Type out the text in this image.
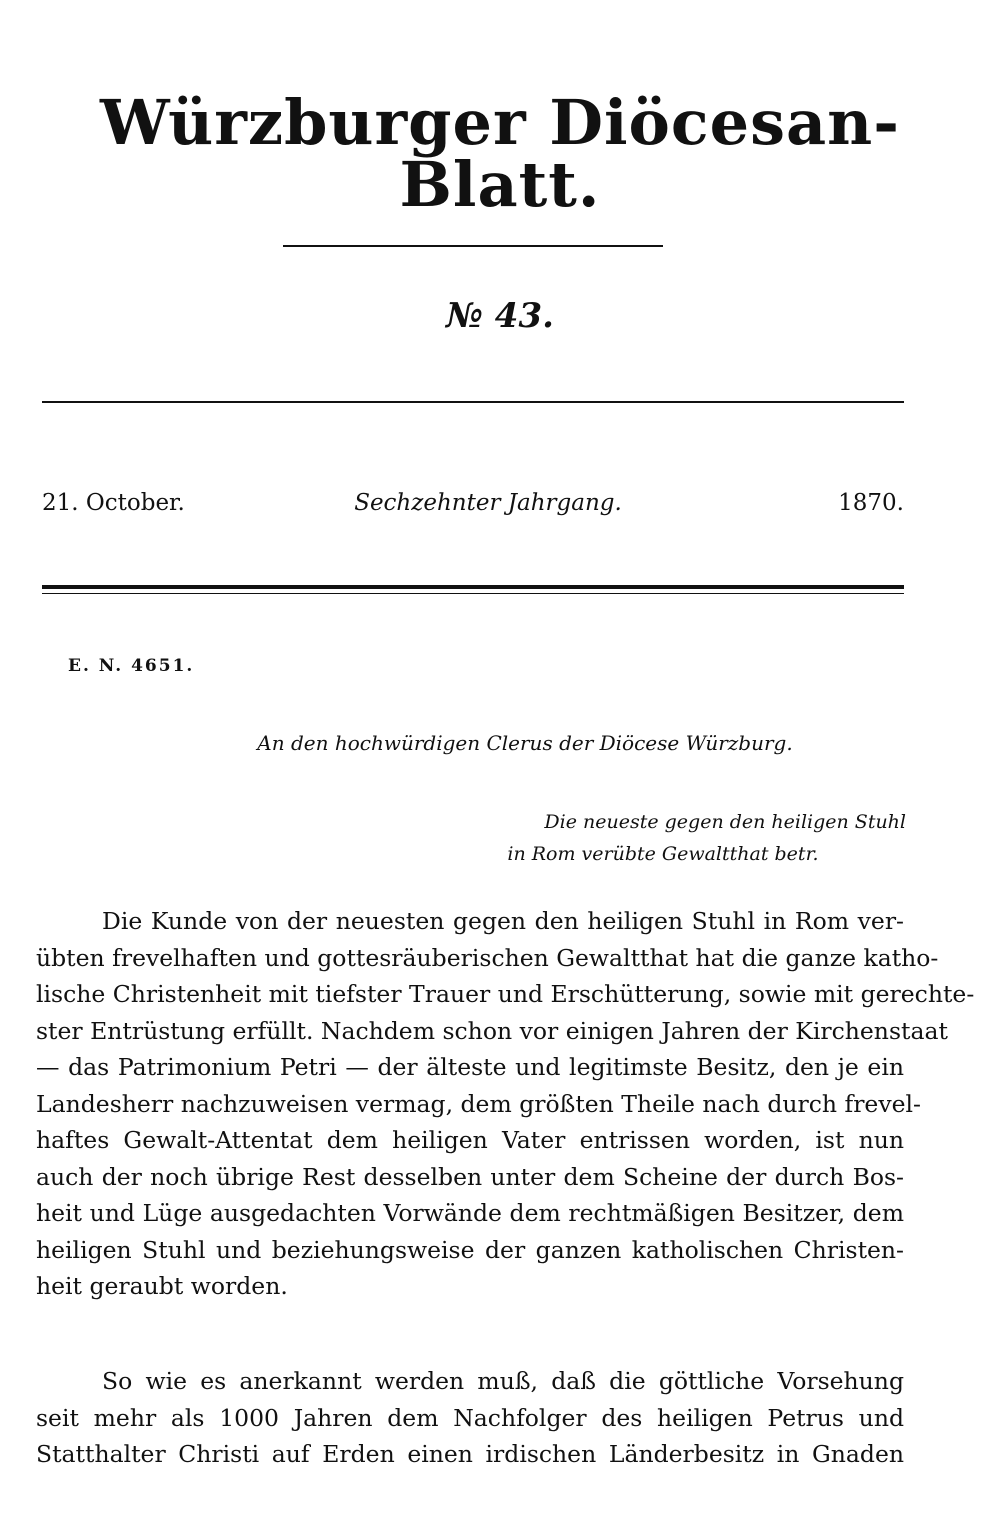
Würzburger Diöcesan-Blatt.
№ 43.
21. October.	Sechzehnter Jahrgang.	1870.
E. N. 4651.
An den hochwürdigen Clerus der Diöcese Würzburg.
Die neueste gegen den heiligen Stuhl
in Rom verübte Gewaltthat betr.
Die Kunde von der neuesten gegen den heiligen Stuhl in Rom ver-
übten frevelhaften und gottesräuberischen Gewaltthat hat die ganze katho-
lische Christenheit mit tiefster Trauer und Erschütterung, sowie mit gerechte-
ster Entrüstung erfüllt. Nachdem schon vor einigen Jahren der Kirchenstaat
— das Patrimonium Petri — der älteste und legitimste Besitz, den je ein
Landesherr nachzuweisen vermag, dem größten Theile nach durch frevel-
haftes Gewalt-Attentat dem heiligen Vater entrissen worden, ist nun
auch der noch übrige Rest desselben unter dem Scheine der durch Bos-
heit und Lüge ausgedachten Vorwände dem rechtmäßigen Besitzer, dem
heiligen Stuhl und beziehungsweise der ganzen katholischen Christen-
heit geraubt worden.
So wie es anerkannt werden muß, daß die göttliche Vorsehung
seit mehr als 1000 Jahren dem Nachfolger des heiligen Petrus und
Statthalter Christi auf Erden einen irdischen Länderbesitz in Gnaden
